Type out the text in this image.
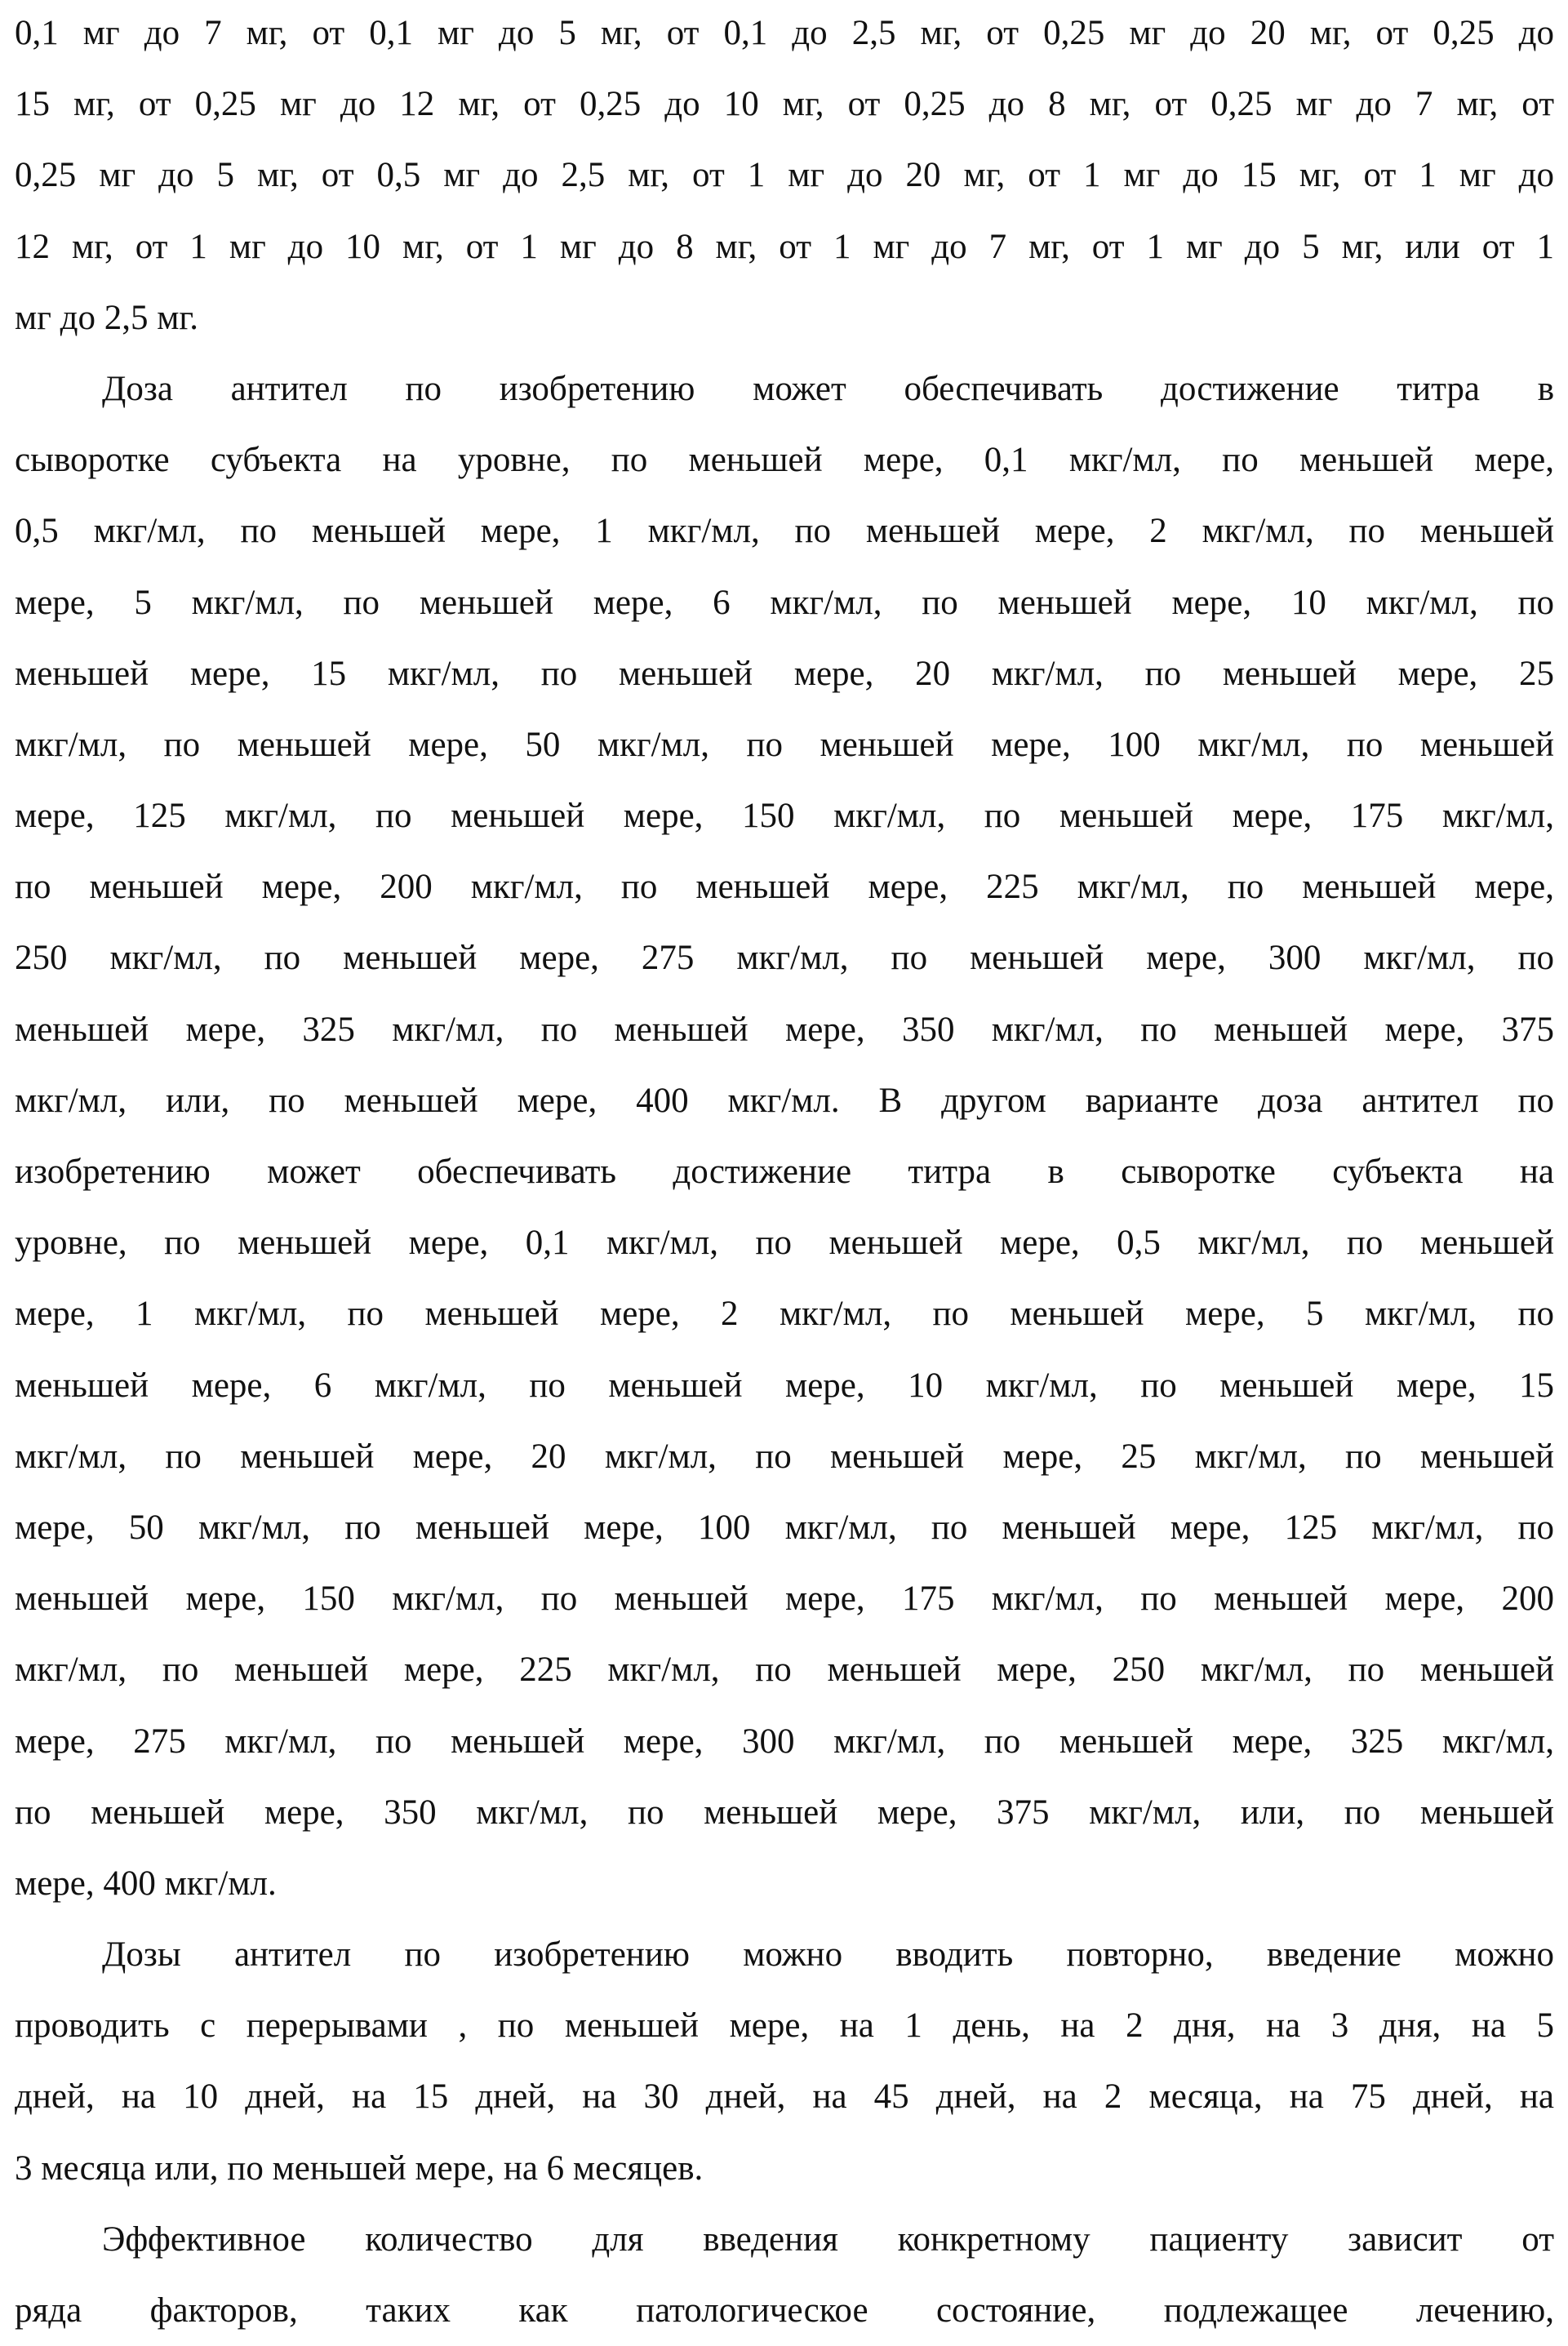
0,1 мг до 7 мг, от 0,1 мг до 5 мг, от 0,1 до 2,5 мг, от 0,25 мг до 20 мг, от 0,25 до
15 мг, от 0,25 мг до 12 мг, от 0,25 до 10 мг, от 0,25 до 8 мг, от 0,25 мг до 7 мг, от
0,25 мг до 5 мг, от 0,5 мг до 2,5 мг, от 1 мг до 20 мг, от 1 мг до 15 мг, от 1 мг до
12 мг, от 1 мг до 10 мг, от 1 мг до 8 мг, от 1 мг до 7 мг, от 1 мг до 5 мг, или от 1
мг до 2,5 мг.
Доза антител по изобретению может обеспечивать достижение титра в
сыворотке субъекта на уровне, по меньшей мере, 0,1 мкг/мл, по меньшей мере,
0,5 мкг/мл, по меньшей мере, 1 мкг/мл, по меньшей мере, 2 мкг/мл, по меньшей
мере, 5 мкг/мл, по меньшей мере, 6 мкг/мл, по меньшей мере, 10 мкг/мл, по
меньшей мере, 15 мкг/мл, по меньшей мере, 20 мкг/мл, по меньшей мере, 25
мкг/мл, по меньшей мере, 50 мкг/мл, по меньшей мере, 100 мкг/мл, по меньшей
мере, 125 мкг/мл, по меньшей мере, 150 мкг/мл, по меньшей мере, 175 мкг/мл,
по меньшей мере, 200 мкг/мл, по меньшей мере, 225 мкг/мл, по меньшей мере,
250 мкг/мл, по меньшей мере, 275 мкг/мл, по меньшей мере, 300 мкг/мл, по
меньшей мере, 325 мкг/мл, по меньшей мере, 350 мкг/мл, по меньшей мере, 375
мкг/мл, или, по меньшей мере, 400 мкг/мл. В другом варианте доза антител по
изобретению может обеспечивать достижение титра в сыворотке субъекта на
уровне, по меньшей мере, 0,1 мкг/мл, по меньшей мере, 0,5 мкг/мл, по меньшей
мере, 1 мкг/мл, по меньшей мере, 2 мкг/мл, по меньшей мере, 5 мкг/мл, по
меньшей мере, 6 мкг/мл, по меньшей мере, 10 мкг/мл, по меньшей мере, 15
мкг/мл, по меньшей мере, 20 мкг/мл, по меньшей мере, 25 мкг/мл, по меньшей
мере, 50 мкг/мл, по меньшей мере, 100 мкг/мл, по меньшей мере, 125 мкг/мл, по
меньшей мере, 150 мкг/мл, по меньшей мере, 175 мкг/мл, по меньшей мере, 200
мкг/мл, по меньшей мере, 225 мкг/мл, по меньшей мере, 250 мкг/мл, по меньшей
мере, 275 мкг/мл, по меньшей мере, 300 мкг/мл, по меньшей мере, 325 мкг/мл,
по меньшей мере, 350 мкг/мл, по меньшей мере, 375 мкг/мл, или, по меньшей
мере, 400 мкг/мл.
Дозы антител по изобретению можно вводить повторно, введение можно
проводить с перерывами , по меньшей мере, на 1 день, на 2 дня, на 3 дня, на 5
дней, на 10 дней, на 15 дней, на 30 дней, на 45 дней, на 2 месяца, на 75 дней, на
3 месяца или, по меньшей мере, на 6 месяцев.
Эффективное количество для введения конкретному пациенту зависит от
ряда факторов, таких как патологическое состояние, подлежащее лечению,
